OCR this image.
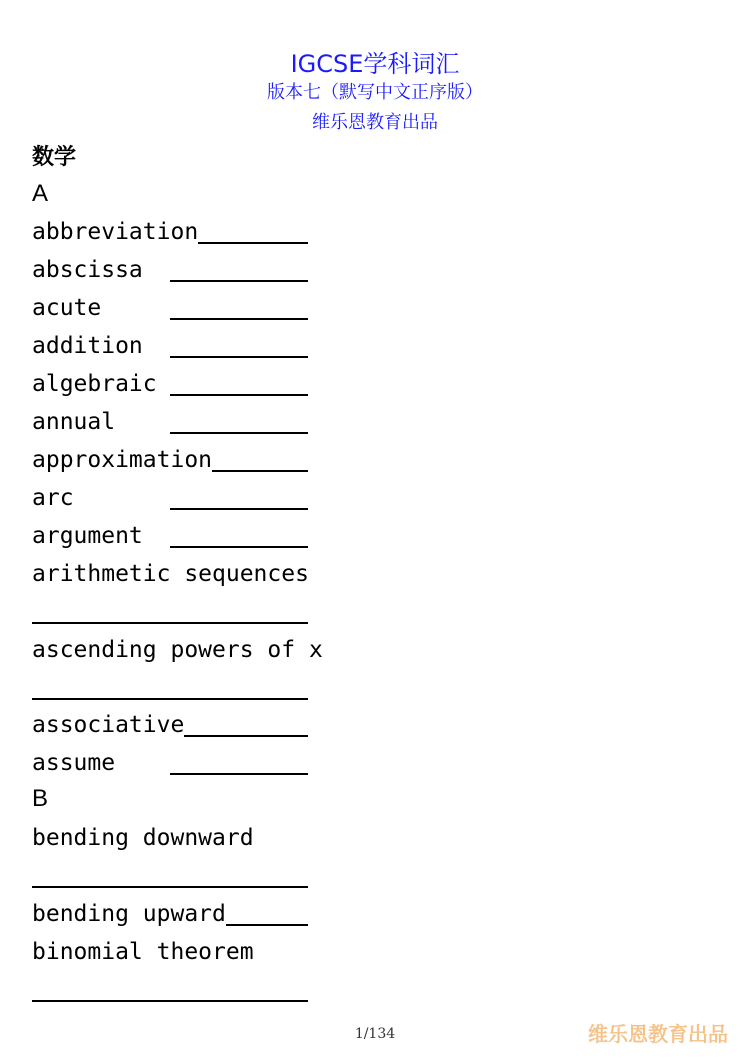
IGCSE学科词汇
版本七（默写中文正序版）
维乐恩教育出品
数学
A
abbreviation
abscissa
acute
addition
algebraic
annual
approximation
arc
argument
arithmetic sequences
ascending powers of x
associative
assume
B
bending downward
bending upward
binomial theorem
1/134	维乐恩教育出品
